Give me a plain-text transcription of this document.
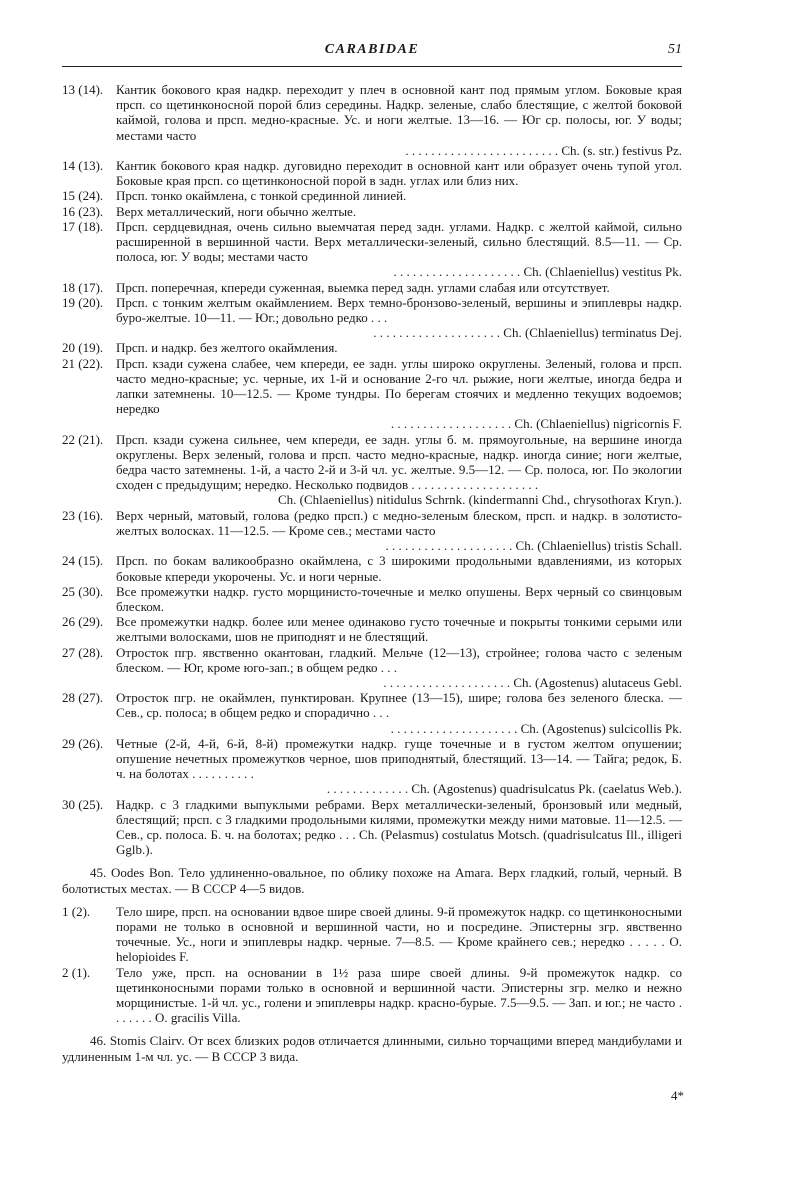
CARABIDAE	51
13 (14). Кантик бокового края надкр. переходит у плеч в основной кант под прямым углом. Боковые края прсп. со щетинконосной порой близ середины. Надкр. зеленые, слабо блестящие, с желтой боковой каймой, голова и прсп. медно-красные. Ус. и ноги желтые. 13—16. — Юг ср. полосы, юг. У воды; местами часто
. . . . . . . . . . . . . . . . . . . . . . . . Ch. (s. str.) festivus Pz.
14 (13). Кантик бокового края надкр. дуговидно переходит в основной кант или образует очень тупой угол. Боковые края прсп. со щетинконосной порой в задн. углах или близ них.
15 (24). Прсп. тонко окаймлена, с тонкой срединной линией.
16 (23). Верх металлический, ноги обычно желтые.
17 (18). Прсп. сердцевидная, очень сильно выемчатая перед задн. углами. Надкр. с желтой каймой, сильно расширенной в вершинной части. Верх металлически-зеленый, сильно блестящий. 8.5—11. — Ср. полоса, юг. У воды; местами часто
. . . . . . . . . . . . . . . . . . . . Ch. (Chlaeniellus) vestitus Pk.
18 (17). Прсп. поперечная, кпереди суженная, выемка перед задн. углами слабая или отсутствует.
19 (20). Прсп. с тонким желтым окаймлением. Верх темно-бронзово-зеленый, вершины и эпиплевры надкр. буро-желтые. 10—11. — Юг.; довольно редко . . .
. . . . . . . . . . . . . . . . . . . . Ch. (Chlaeniellus) terminatus Dej.
20 (19). Прсп. и надкр. без желтого окаймления.
21 (22). Прсп. кзади сужена слабее, чем кпереди, ее задн. углы широко округлены. Зеленый, голова и прсп. часто медно-красные; ус. черные, их 1-й и основание 2-го чл. рыжие, ноги желтые, иногда бедра и лапки затемнены. 10—12.5. — Кроме тундры. По берегам стоячих и медленно текущих водоемов; нередко
. . . . . . . . . . . . . . . . . . . Ch. (Chlaeniellus) nigricornis F.
22 (21). Прсп. кзади сужена сильнее, чем кпереди, ее задн. углы б. м. прямоугольные, на вершине иногда округлены. Верх зеленый, голова и прсп. часто медно-красные, надкр. иногда синие; ноги желтые, бедра часто затемнены. 1-й, а часто 2-й и 3-й чл. ус. желтые. 9.5—12. — Ср. полоса, юг. По экологии сходен с предыдущим; нередко. Несколько подвидов . . . . . . . . . . . . . . . . . . . .
Ch. (Chlaeniellus) nitidulus Schrnk. (kindermanni Chd., chrysothorax Kryn.).
23 (16). Верх черный, матовый, голова (редко прсп.) с медно-зеленым блеском, прсп. и надкр. в золотисто-желтых волосках. 11—12.5. — Кроме сев.; местами часто
. . . . . . . . . . . . . . . . . . . . Ch. (Chlaeniellus) tristis Schall.
24 (15). Прсп. по бокам валикообразно окаймлена, с 3 широкими продольными вдавлениями, из которых боковые кпереди укорочены. Ус. и ноги черные.
25 (30). Все промежутки надкр. густо морщинисто-точечные и мелко опушены. Верх черный со свинцовым блеском.
26 (29). Все промежутки надкр. более или менее одинаково густо точечные и покрыты тонкими серыми или желтыми волосками, шов не приподнят и не блестящий.
27 (28). Отросток пгр. явственно окантован, гладкий. Мельче (12—13), стройнее; голова часто с зеленым блеском. — Юг, кроме юго-зап.; в общем редко . . .
. . . . . . . . . . . . . . . . . . . . Ch. (Agostenus) alutaceus Gebl.
28 (27). Отросток пгр. не окаймлен, пунктирован. Крупнее (13—15), шире; голова без зеленого блеска. — Сев., ср. полоса; в общем редко и спорадично . . .
. . . . . . . . . . . . . . . . . . . . Ch. (Agostenus) sulcicollis Pk.
29 (26). Четные (2-й, 4-й, 6-й, 8-й) промежутки надкр. гуще точечные и в густом желтом опушении; опушение нечетных промежутков черное, шов приподнятый, блестящий. 13—14. — Тайга; редок, Б. ч. на болотах . . . . . . . . . .
. . . . . . . . . . . . . Ch. (Agostenus) quadrisulcatus Pk. (caelatus Web.).
30 (25). Надкр. с 3 гладкими выпуклыми ребрами. Верх металлически-зеленый, бронзовый или медный, блестящий; прсп. с 3 гладкими продольными килями, промежутки между ними матовые. 11—12.5. — Сев., ср. полоса. Б. ч. на болотах; редко . . . Ch. (Pelasmus) costulatus Motsch. (quadrisulcatus Ill., illigeri Gglb.).
45. Oodes Bon. Тело удлиненно-овальное, по облику похоже на Amara. Верх гладкий, голый, черный. В болотистых местах. — В СССР 4—5 видов.
1 (2).	Тело шире, прсп. на основании вдвое шире своей длины. 9-й промежуток надкр. со щетинконосными порами не только в основной и вершинной части, но и посредине. Эпистерны згр. явственно точечные. Ус., ноги и эпиплевры надкр. черные. 7—8.5. — Кроме крайнего сев.; нередко . . . . . O. helopioides F.
2 (1).	Тело уже, прсп. на основании в 1½ раза шире своей длины. 9-й промежуток надкр. со щетинконосными порами только в основной и вершинной части. Эпистерны згр. мелко и нежно морщинистые. 1-й чл. ус., голени и эпиплевры надкр. красно-бурые. 7.5—9.5. — Зап. и юг.; не часто . . . . . . . O. gracilis Villa.
46. Stomis Clairv. От всех близких родов отличается длинными, сильно торчащими вперед мандибулами и удлиненным 1-м чл. ус. — В СССР 3 вида.
4*
